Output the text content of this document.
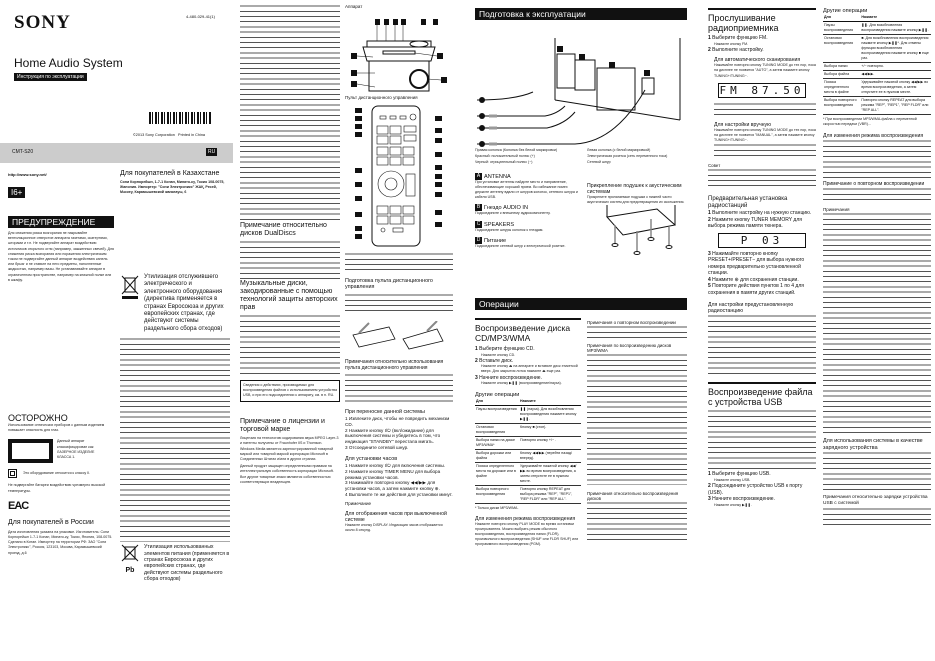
SONY	4-480-029-41(1)
Home Audio System
Инструкция по эксплуатации
©2013 Sony Corporation Printed in China
CMT-S20	RU
http://www.sony.net/
I6+
ПРЕДУПРЕЖДЕНИЕ
Для снижения риска возгорания не накрывайте вентиляционное отверстие аппарата газетами, скатертями, шторами и т.п. Не подвергайте аппарат воздействию источников открытого огня (например, зажженных свечей). Для снижения риска возгорания или поражения электрическим током не подвергайте данный аппарат воздействию капель или брызг и не ставьте на него предметы, наполненные жидкостью, например вазы. Не устанавливайте аппарат в ограниченном пространстве, например на книжной полке или в шкафу.
ОСТОРОЖНО
Использование оптических приборов с данным изделием повышает опасность для глаз.
Данный аппарат классифицирован как ЛАЗЕРНОЕ ИЗДЕЛИЕ КЛАССА 1.
Это оборудование относится к классу II.
Не подвергайте батареи воздействию чрезмерно высокой температуры.
EAC
Для покупателей в России
Дата изготовления указана на упаковке. Изготовитель: Сони Корпорейшн 1-7-1 Конан, Минато-ку, Токио, Япония, 108-0075. Сделано в Китае. Импортер на территории РФ: ЗАО "Сони Электроникс", Россия, 123103, Москва, Карамышевский проезд, д.6
Для покупателей в Казахстане
Сони Корпорейшн, 1-7-1 Конан, Минато-ку, Токио 108-0075, Жапония. Импортер: "Сони Электроникс" ЖАҚ, Ресей, Мәскеу, Карамышевский жағалауы, 6
Утилизация отслужившего электрического и электронного оборудования (директива применяется в странах Евросоюза и других европейских странах, где действуют системы раздельного сбора отходов)
Pb
Утилизация использованных элементов питания (применяется в странах Евросоюза и других европейских странах, где действуют системы раздельного сбора отходов)
Примечание относительно дисков DualDiscs
Музыкальные диски, закодированные с помощью технологий защиты авторских прав
Сведения о действиях, производимых для воспроизведения файлов с использованием устройства USB, и при его подсоединении к аппарату, см. в п. RU.
Примечание о лицензии и торговой марке

Лицензия на технологию кодирования звука MPEG Layer-3 и патенты получены от Fraunhofer IIS и Thomson.

Windows Media является зарегистрированной товарной маркой или товарной маркой корпорации Microsoft в Соединенных Штатах и/или в других странах.

Данный продукт защищен определенными правами на интеллектуальную собственность корпорации Microsoft.

Все другие товарные знаки являются собственностью соответствующих владельцев.

Аппарат
Пульт дистанционного управления
Подготовка пульта дистанционного управления
Примечания относительно использования пульта дистанционного управления
При переноске данной системы
1 Извлеките диск, чтобы не повредить механизм CD.
2 Нажмите кнопку I/⏻ (вкл/ожидание) для выключения системы и убедитесь в том, что индикация "STANDBY" перестала мигать.
3 Отсоедините сетевой шнур.
Для установки часов
1 Нажмите кнопку I/⏻ для включения системы.
2 Нажмите кнопку TIMER MENU для выбора режима установки часов.
3 Нажимайте повторно кнопку ◀◀/▶▶ для установки часов, а затем нажмите кнопку ⊕.
4 Выполните те же действия для установки минут.
Примечание
Для отображения часов при выключенной системе
Нажмите кнопку DISPLAY. Индикация часов отображается около 8 секунд.
Подготовка к эксплуатации

Правая колонка (Колонка без белой маркировки)

Красный: положительный полюс (+)

Черный: отрицательный полюс (−)

Левая колонка (с белой маркировкой)

Электрическая розетка (сеть переменного тока)

Сетевой шнур

A ANTENNA
При установке антенны найдите место и направление, обеспечивающие хороший прием. Во избежание помех держите антенну вдали от шнуров колонок, сетевого шнура и кабеля USB.
B Гнездо AUDIO IN
Подсоедините к внешнему аудиокомпоненту.
C SPEAKERS
Подсоедините шнуры колонок к гнездам.
D Питание
Подсоедините сетевой шнур к электрической розетке.
Прикрепление подушек к акустическим системам
Прикрепите прилагаемые подушки к нижней части акустических систем для предотвращения их скольжения.
Операции
Воспроизведение диска CD/MP3/WMA
1 Выберите функцию CD.
Нажмите кнопку CD.
2 Вставьте диск.
Нажмите кнопку ⏏ на аппарате и вставьте диск этикеткой вверх. Для закрытия лотка нажмите ⏏ еще раз.
3 Начните воспроизведение.
Нажмите кнопку ▶❚❚ (воспроизведение/пауза).
Другие операции
Для	Нажмите
Паузы воспроизведения	❚❚ (пауза). Для возобновления воспроизведения нажмите кнопку ▶❚❚.
Остановки воспроизведения	Кнопку ■ (стоп).
Выбора папки на диске MP3/WMA*	Повторно кнопку +/− .
Выбора дорожки или файла	Кнопку ◀◀/▶▶ (перейти назад/вперед).
Поиска определенного места на дорожке или в файле	Удерживайте нажатой кнопку ◀◀/▶▶ во время воспроизведения, а затем отпустите ее в нужном месте.
Выбора повторного воспроизведения	Повторно кнопку REPEAT для выбора режима "REP", "REP1", "REP FLDR" или "REP ALL".
* Только диски MP3/WMA.
Для изменения режима воспроизведения
Нажмите повторно кнопку PLAY MODE во время остановки проигрывателя. Можно выбрать режим обычного воспроизведения, воспроизведения папки (FLDR), произвольного воспроизведения (SHUF или FLDR SHUF) или программного воспроизведения (PGM).
Примечания о повторном воспроизведении
Примечания по воспроизведению дисков MP3/WMA
Примечания относительно воспроизведения дисков
Прослушивание радиоприемника
1 Выберите функцию FM.
Нажмите кнопку FM.
2 Выполните настройку.
Для автоматического сканирования
Нажимайте повторно кнопку TUNING MODE до тех пор, пока на дисплее не появится "AUTO", а затем нажмите кнопку TUNING+/TUNING−.
FM 87.50
Для настройки вручную
Нажимайте повторно кнопку TUNING MODE до тех пор, пока на дисплее не появится "MANUAL", а затем нажмите кнопку TUNING+/TUNING−.
Совет
Предварительная установка радиостанций
1 Выполните настройку на нужную станцию.
2 Нажмите кнопку TUNER MEMORY для выбора режима памяти тюнера.
P 03
3 Нажимайте повторно кнопку PRESET+/PRESET− для выбора нужного номера предварительно установленной станции.
4 Нажмите ⊕ для сохранения станции.
5 Повторите действия пунктов 1 по 4 для сохранения в памяти других станций.
Для настройки предустановленную радиостанцию
Воспроизведение файла с устройства USB
1 Выберите функцию USB.
Нажмите кнопку USB.
2 Подсоедините устройство USB к порту (USB).
3 Начните воспроизведение.
Нажмите кнопку ▶❚❚.
Другие операции
Для	Нажмите
Паузы воспроизведения	❚❚. Для возобновления воспроизведения нажмите кнопку ▶❚❚.
Остановки воспроизведения	■. Для возобновления воспроизведения нажмите кнопку ▶❚❚*. Для отмены функции возобновления воспроизведения нажмите кнопку ■ еще раз.
Выбора папки	+/− повторно.
Выбора файла	◀◀/▶▶.
Поиска определенного места в файле	Удерживайте нажатой кнопку ◀◀/▶▶ во время воспроизведения, а затем отпустите ее в нужном месте.
Выбора повторного воспроизведения	Повторно кнопку REPEAT для выбора режима "REP", "REP1", "REP FLDR" или "REP ALL".
* При воспроизведении MP3/WMA-файла с переменной скоростью передачи (VBR)...
Для изменения режима воспроизведения
Примечание о повторном воспроизведении
Примечания
Для использования системы в качестве зарядного устройства
Примечания относительно зарядки устройства USB с системой
